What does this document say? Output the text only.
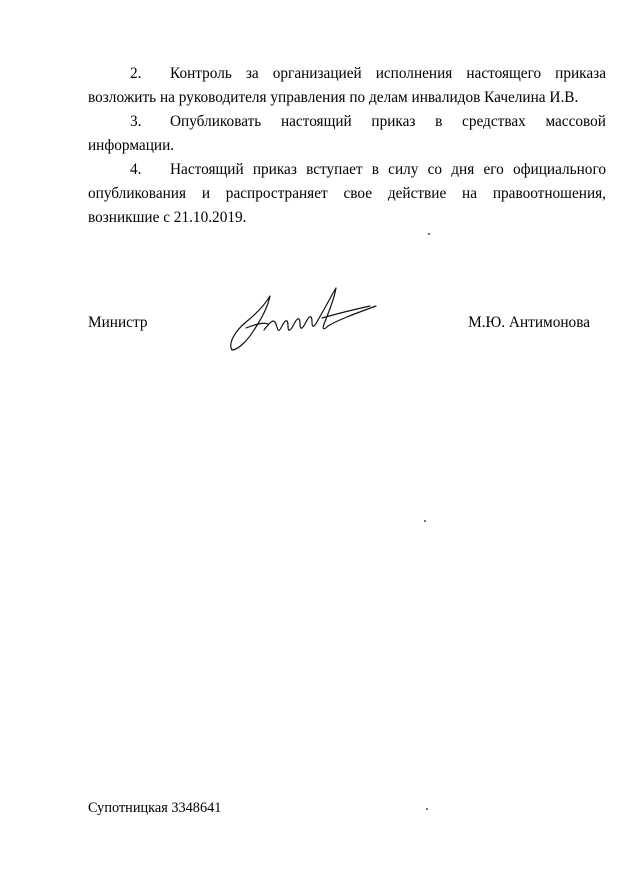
2. Контроль за организацией исполнения настоящего приказа возложить на руководителя управления по делам инвалидов Качелина И.В.

3. Опубликовать настоящий приказ в средствах массовой информации.

4. Настоящий приказ вступает в силу со дня его официального опубликования и распространяет свое действие на правоотношения, возникшие с 21.10.2019.

Министр	М.Ю. Антимонова
Супотницкая 3348641
